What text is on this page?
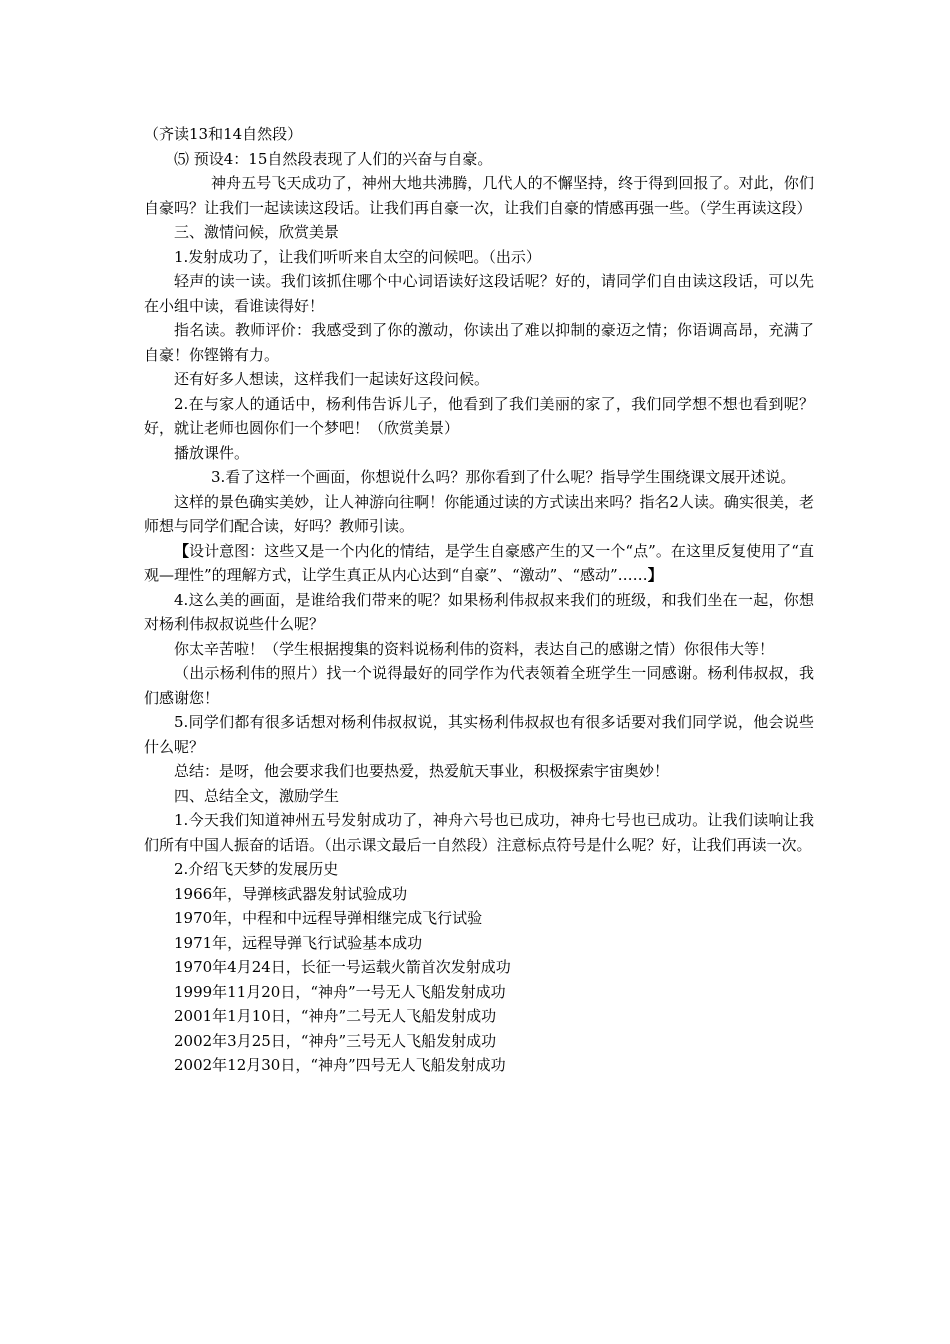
（齐读13和14自然段）

⑸ 预设4：15自然段表现了人们的兴奋与自豪。

神舟五号飞天成功了，神州大地共沸腾，几代人的不懈坚持，终于得到回报了。对此，你们自豪吗？让我们一起读读这段话。让我们再自豪一次，让我们自豪的情感再强一些。（学生再读这段）

三、激情问候，欣赏美景

1.发射成功了，让我们听听来自太空的问候吧。（出示）

轻声的读一读。我们该抓住哪个中心词语读好这段话呢？好的，请同学们自由读这段话，可以先在小组中读，看谁读得好！

指名读。教师评价：我感受到了你的激动，你读出了难以抑制的豪迈之情；你语调高昂，充满了自豪！你铿锵有力。

还有好多人想读，这样我们一起读好这段问候。

2.在与家人的通话中，杨利伟告诉儿子，他看到了我们美丽的家了，我们同学想不想也看到呢？好，就让老师也圆你们一个梦吧！（欣赏美景）

播放课件。

3.看了这样一个画面，你想说什么吗？那你看到了什么呢？指导学生围绕课文展开述说。

这样的景色确实美妙，让人神游向往啊！你能通过读的方式读出来吗？指名2人读。确实很美，老师想与同学们配合读，好吗？教师引读。

【设计意图：这些又是一个内化的情结，是学生自豪感产生的又一个“点”。在这里反复使用了“直观—理性”的理解方式，让学生真正从内心达到“自豪”、“激动”、“感动”……】

4.这么美的画面，是谁给我们带来的呢？如果杨利伟叔叔来我们的班级，和我们坐在一起，你想对杨利伟叔叔说些什么呢？

你太辛苦啦！（学生根据搜集的资料说杨利伟的资料，表达自己的感谢之情）你很伟大等！

（出示杨利伟的照片）找一个说得最好的同学作为代表领着全班学生一同感谢。杨利伟叔叔，我们感谢您！

5.同学们都有很多话想对杨利伟叔叔说，其实杨利伟叔叔也有很多话要对我们同学说，他会说些什么呢？

总结：是呀，他会要求我们也要热爱，热爱航天事业，积极探索宇宙奥妙！

四、总结全文，激励学生

1.今天我们知道神州五号发射成功了，神舟六号也已成功，神舟七号也已成功。让我们读响让我们所有中国人振奋的话语。（出示课文最后一自然段）注意标点符号是什么呢？好，让我们再读一次。

2.介绍飞天梦的发展历史

1966年，导弹核武器发射试验成功

1970年，中程和中远程导弹相继完成飞行试验

1971年，远程导弹飞行试验基本成功

1970年4月24日，长征一号运载火箭首次发射成功

1999年11月20日，“神舟”一号无人飞船发射成功

2001年1月10日，“神舟”二号无人飞船发射成功

2002年3月25日，“神舟”三号无人飞船发射成功

2002年12月30日，“神舟”四号无人飞船发射成功
